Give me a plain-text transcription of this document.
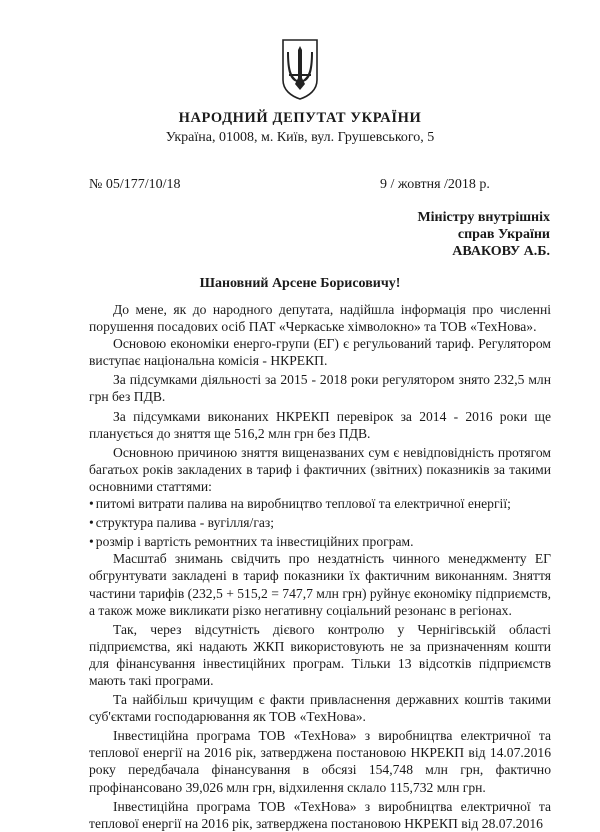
НАРОДНИЙ ДЕПУТАТ УКРАЇНИ
Україна, 01008, м. Київ, вул. Грушевського, 5
№ 05/177/10/18	9 / жовтня /2018 р.
Міністру внутрішніх
справ України
АВАКОВУ А.Б.
Шановний Арсене Борисовичу!

До мене, як до народного депутата, надійшла інформація про численні порушення посадових осіб ПАТ «Черкаське хімволокно» та ТОВ «ТехНова».

Основою економіки енерго-групи (ЕГ) є регульований тариф. Регулятором виступає національна комісія - НКРЕКП.

За підсумками діяльності за 2015 - 2018 роки регулятором знято 232,5 млн грн без ПДВ.

За підсумками виконаних НКРЕКП перевірок за 2014 - 2016 роки ще планується до зняття ще 516,2 млн грн без ПДВ.

Основною причиною зняття вищеназваних сум є невідповідність протягом багатьох років закладених в тариф і фактичних (звітних) показників за такими основними статтями:

• питомі витрати палива на виробництво теплової та електричної енергії;

• структура палива - вугілля/газ;

• розмір і вартість ремонтних та інвестиційних програм.

Масштаб знимань свідчить про нездатність чинного менеджменту ЕГ обгрунтувати закладені в тариф показники їх фактичним виконанням. Зняття частини тарифів (232,5 + 515,2 = 747,7 млн грн) руйнує економіку підприємств, а також може викликати різко негативну соціальний резонанс в регіонах.

Так, через відсутність дієвого контролю у Чернігівській області підприємства, які надають ЖКП використовують не за призначенням кошти для фінансування інвестиційних програм. Тільки 13 відсотків підприємств мають такі програми.

Та найбільш кричущим є факти привласнення державних коштів такими суб'єктами господарювання як ТОВ «ТехНова».

Інвестиційна програма ТОВ «ТехНова» з виробництва електричної та теплової енергії на 2016 рік, затверджена постановою НКРЕКП від 14.07.2016 року передбачала фінансування в обсязі 154,748 млн грн, фактично профінансовано 39,026 млн грн, відхилення склало 115,732 млн грн.

Інвестиційна програма ТОВ «ТехНова» з виробництва електричної та теплової енергії на 2016 рік, затверджена постановою НКРЕКП від 28.07.2016
